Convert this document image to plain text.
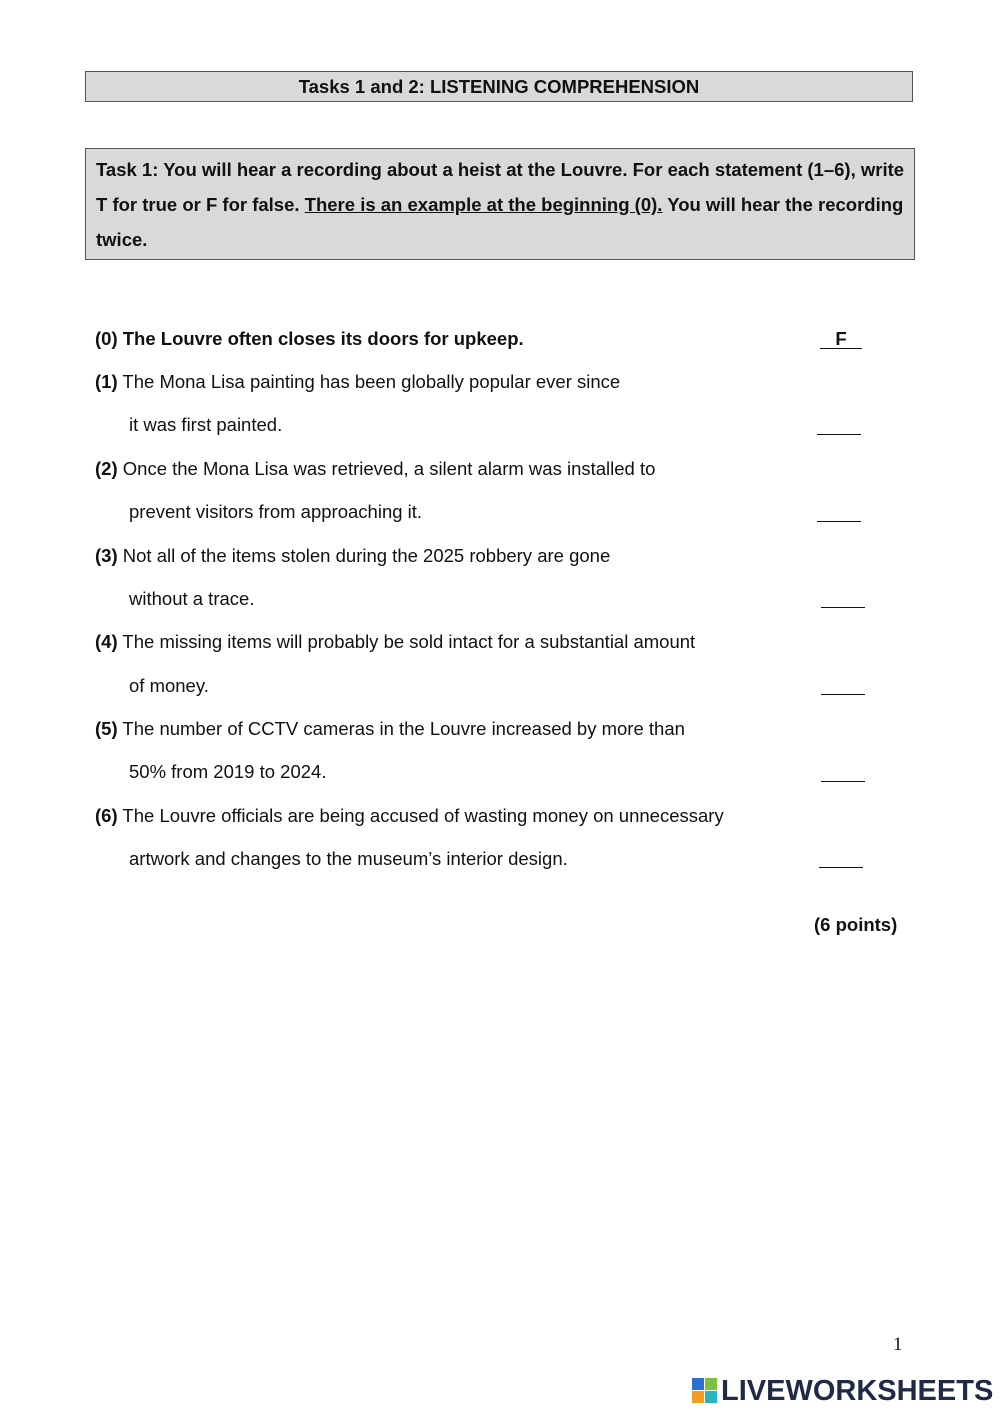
Tasks 1 and 2: LISTENING COMPREHENSION
Task 1: You will hear a recording about a heist at the Louvre. For each statement (1–6), write T for true or F for false. There is an example at the beginning (0). You will hear the recording twice.
(0) The Louvre often closes its doors for upkeep.	F
(1) The Mona Lisa painting has been globally popular ever since
it was first painted.
(2) Once the Mona Lisa was retrieved, a silent alarm was installed to
prevent visitors from approaching it.
(3) Not all of the items stolen during the 2025 robbery are gone
without a trace.
(4) The missing items will probably be sold intact for a substantial amount
of money.
(5) The number of CCTV cameras in the Louvre increased by more than
50% from 2019 to 2024.
(6) The Louvre officials are being accused of wasting money on unnecessary
artwork and changes to the museum’s interior design.
(6 points)
1
LIVEWORKSHEETS
